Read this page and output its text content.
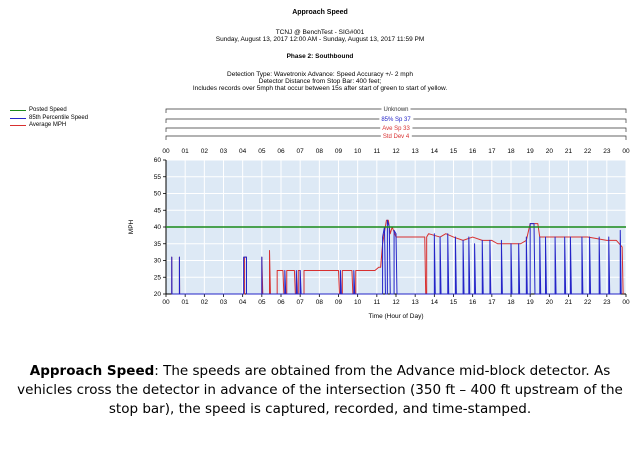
Approach Speed
TCNJ @ BenchTest - SIG#001
Sunday, August 13, 2017 12:00 AM - Sunday, August 13, 2017 11:59 PM
Phase 2: Southbound
Detection Type: Wavetronix Advance: Speed Accuracy +/- 2 mph
Detector Distance from Stop Bar: 400 feet;
Includes records over 5mph that occur between 15s after start of green to start of yellow.
Posted Speed
85th Percentile Speed
Average MPH
20
25
30
35
40
45
50
55
60
00
00
01
01
02
02
03
03
04
04
05
05
06
06
07
07
08
08
09
09
10
10
11
11
12
12
13
13
14
14
15
15
16
16
17
17
18
18
19
19
20
20
21
21
22
22
23
23
00
00
MPH
Time (Hour of Day)
Unknown
85% Sp 37
Ave Sp 33
Std Dev 4
Approach Speed: The speeds are obtained from the Advance mid-block detector. As vehicles cross the detector in advance of the intersection (350 ft – 400 ft upstream of the stop bar), the speed is captured, recorded, and time-stamped.
